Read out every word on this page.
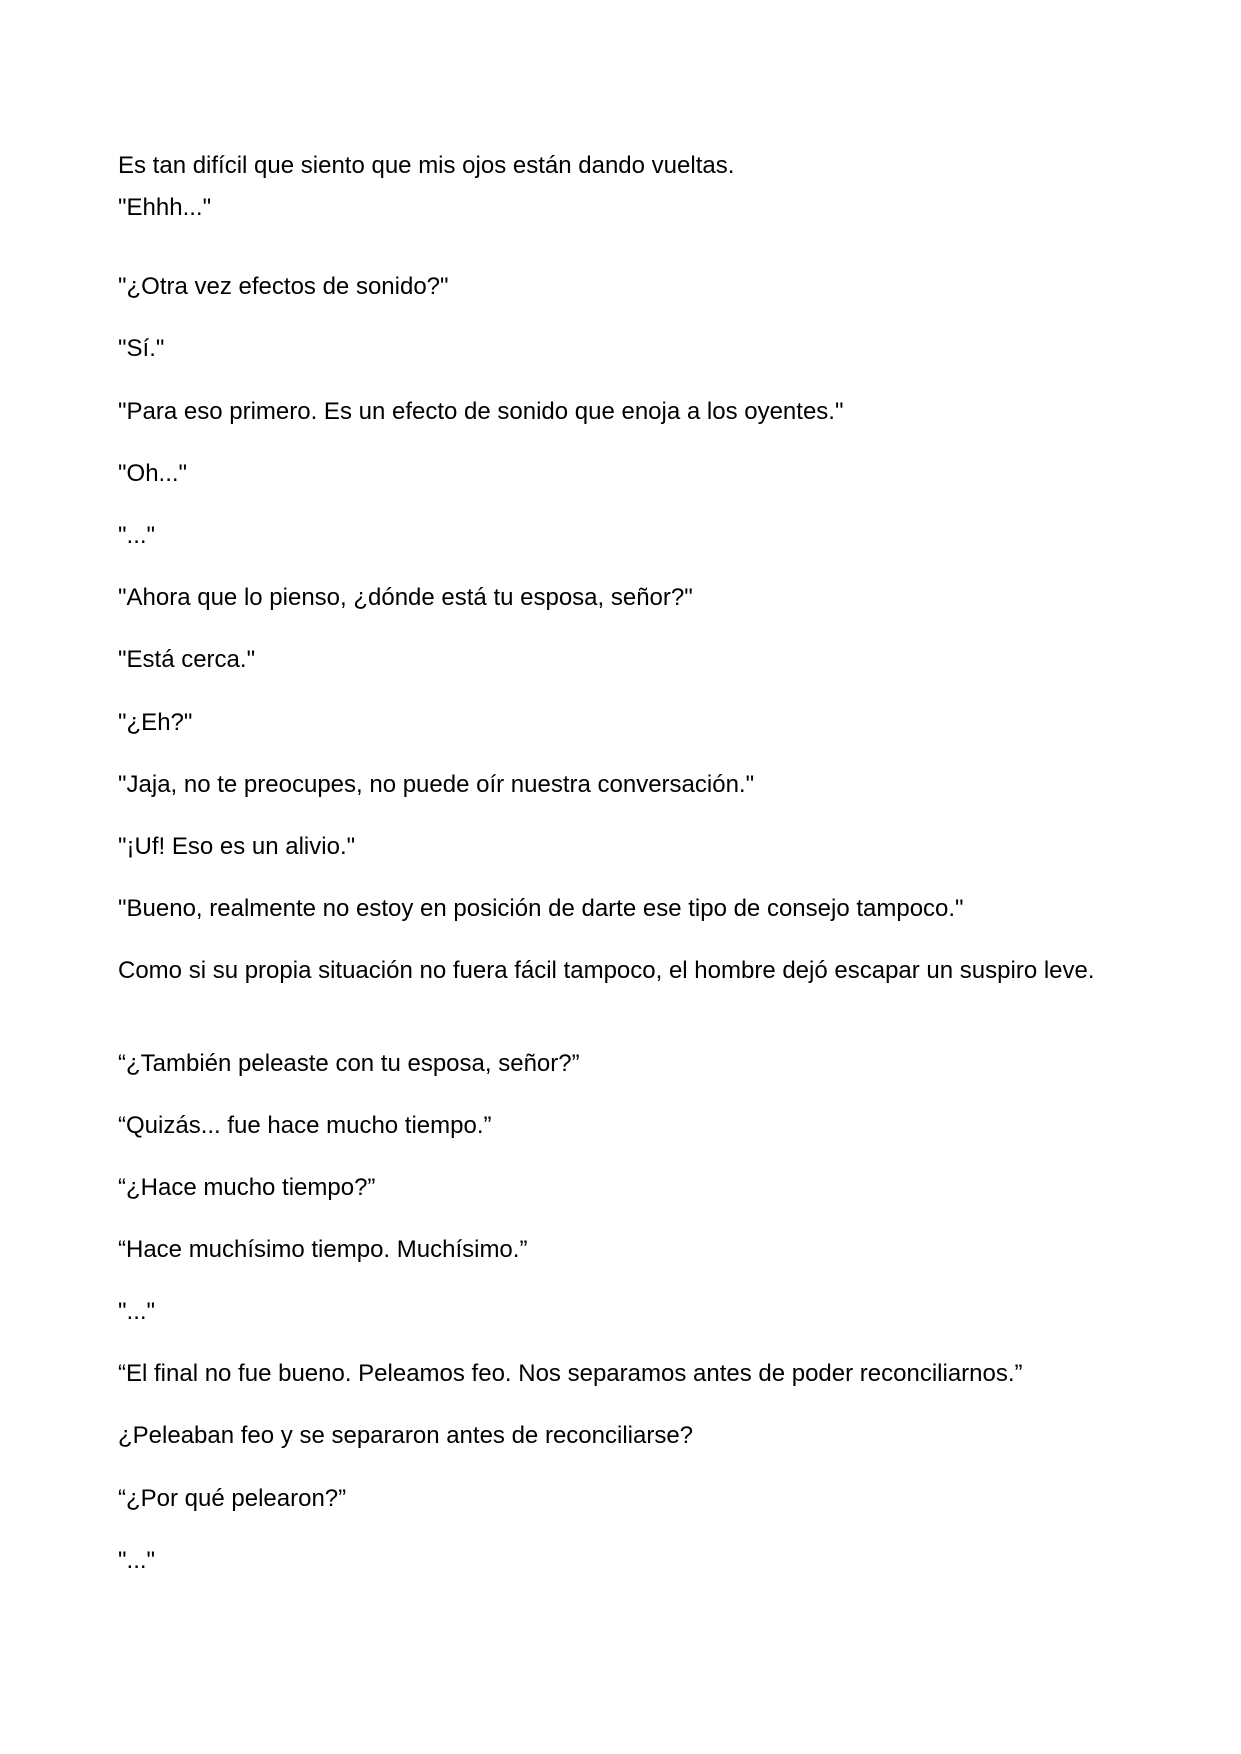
Es tan difícil que siento que mis ojos están dando vueltas.

"Ehhh..."

"¿Otra vez efectos de sonido?"

"Sí."

"Para eso primero. Es un efecto de sonido que enoja a los oyentes."

"Oh..."

"..."

"Ahora que lo pienso, ¿dónde está tu esposa, señor?"

"Está cerca."

"¿Eh?"

"Jaja, no te preocupes, no puede oír nuestra conversación."

"¡Uf! Eso es un alivio."

"Bueno, realmente no estoy en posición de darte ese tipo de consejo tampoco."

Como si su propia situación no fuera fácil tampoco, el hombre dejó escapar un suspiro leve.

“¿También peleaste con tu esposa, señor?”

“Quizás... fue hace mucho tiempo.”

“¿Hace mucho tiempo?”

“Hace muchísimo tiempo. Muchísimo.”

"..."

“El final no fue bueno. Peleamos feo. Nos separamos antes de poder reconciliarnos.”

¿Peleaban feo y se separaron antes de reconciliarse?

“¿Por qué pelearon?”

"..."
